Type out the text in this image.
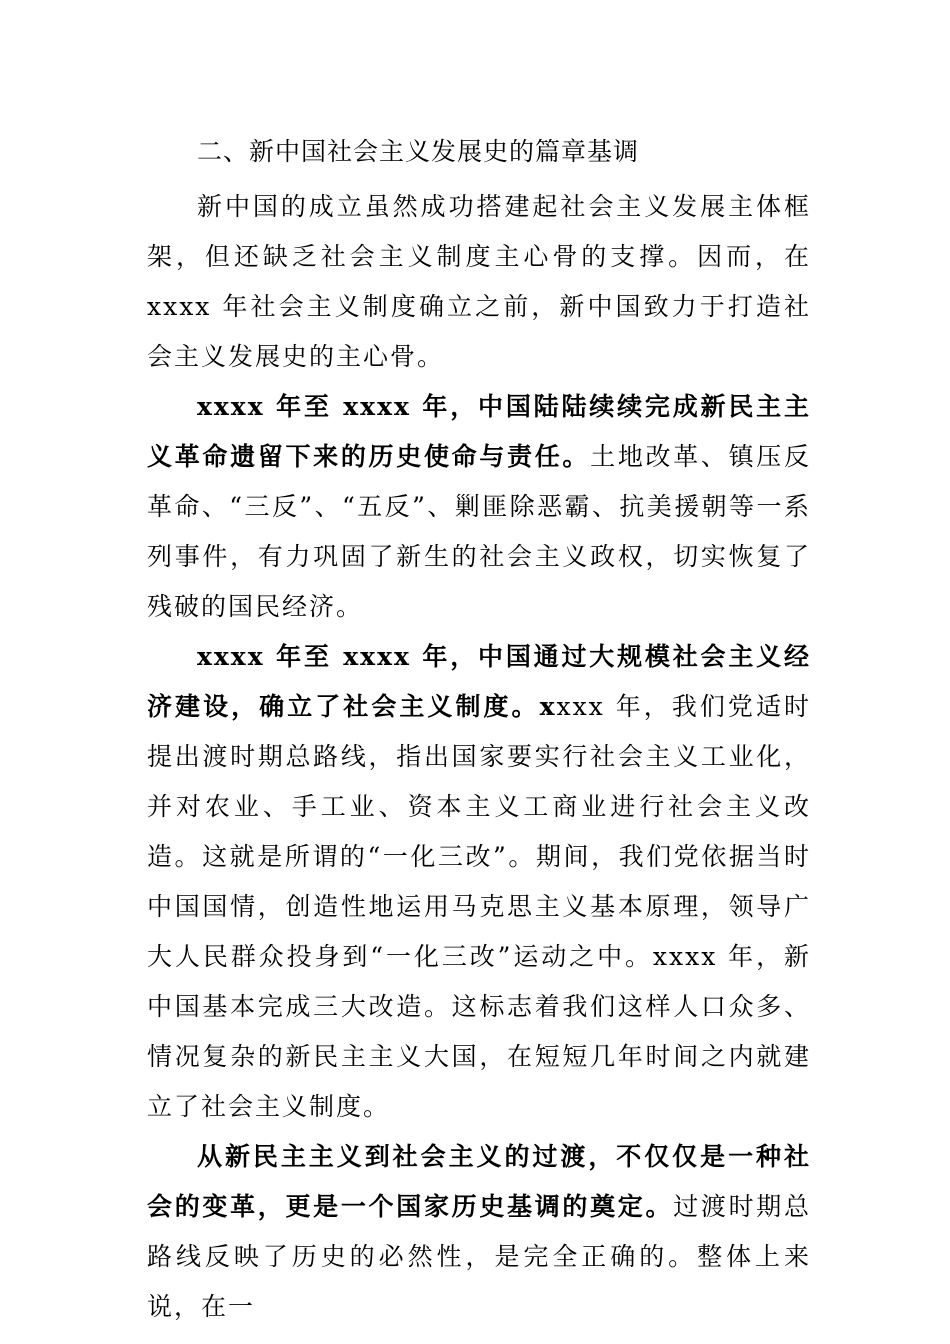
二、新中国社会主义发展史的篇章基调

新中国的成立虽然成功搭建起社会主义发展主体框架，但还缺乏社会主义制度主心骨的支撑。因而，在 xxxx 年社会主义制度确立之前，新中国致力于打造社会主义发展史的主心骨。

xxxx 年至 xxxx 年，中国陆陆续续完成新民主主义革命遗留下来的历史使命与责任。土地改革、镇压反革命、“三反”、“五反”、剿匪除恶霸、抗美援朝等一系列事件，有力巩固了新生的社会主义政权，切实恢复了残破的国民经济。

xxxx 年至 xxxx 年，中国通过大规模社会主义经济建设，确立了社会主义制度。xxxx 年，我们党适时提出渡时期总路线，指出国家要实行社会主义工业化，并对农业、手工业、资本主义工商业进行社会主义改造。这就是所谓的“一化三改”。期间，我们党依据当时中国国情，创造性地运用马克思主义基本原理，领导广大人民群众投身到“一化三改”运动之中。xxxx 年，新中国基本完成三大改造。这标志着我们这样人口众多、情况复杂的新民主主义大国，在短短几年时间之内就建立了社会主义制度。

从新民主主义到社会主义的过渡，不仅仅是一种社会的变革，更是一个国家历史基调的奠定。过渡时期总路线反映了历史的必然性，是完全正确的。整体上来说，在一
